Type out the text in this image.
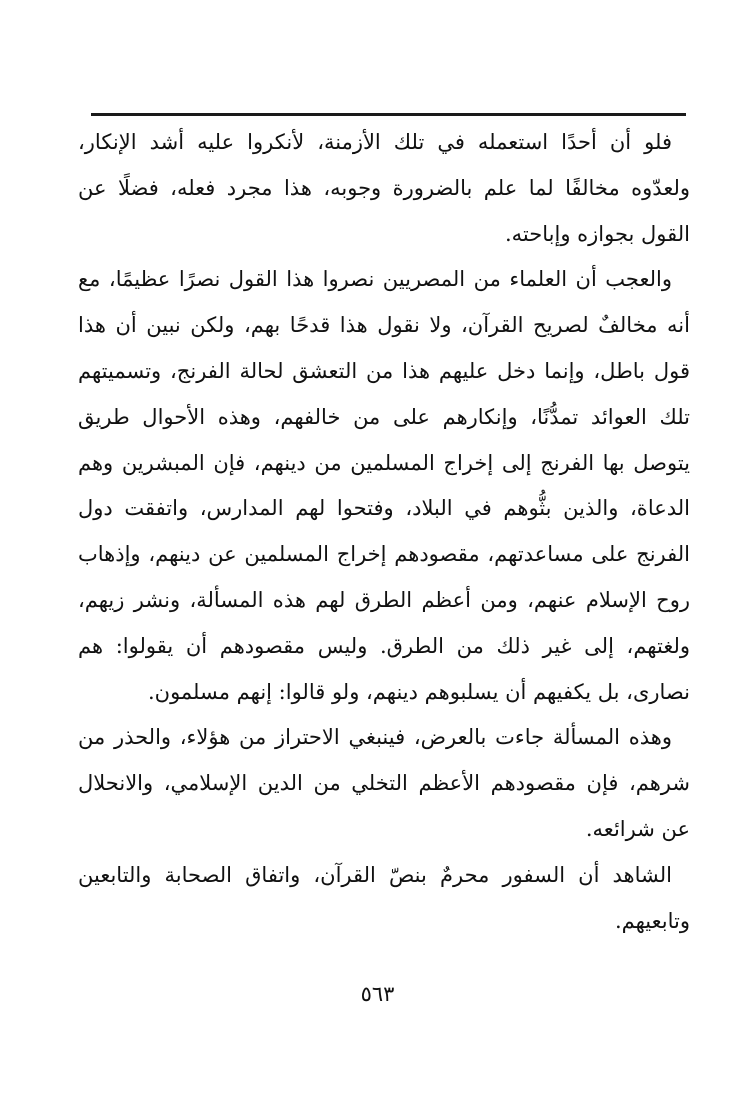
فلو أن أحدًا استعمله في تلك الأزمنة، لأنكروا عليه أشد الإنكار، ولعدّوه مخالفًا لما علم بالضرورة وجوبه، هذا مجرد فعله، فضلًا عن القول بجوازه وإباحته.

والعجب أن العلماء من المصريين نصروا هذا القول نصرًا عظيمًا، مع أنه مخالفٌ لصريح القرآن، ولا نقول هذا قدحًا بهم، ولكن نبين أن هذا قول باطل، وإنما دخل عليهم هذا من التعشق لحالة الفرنج، وتسميتهم تلك العوائد تمدُّنًا، وإنكارهم على من خالفهم، وهذه الأحوال طريق يتوصل بها الفرنج إلى إخراج المسلمين من دينهم، فإن المبشرين وهم الدعاة، والذين بثُّوهم في البلاد، وفتحوا لهم المدارس، واتفقت دول الفرنج على مساعدتهم، مقصودهم إخراج المسلمين عن دينهم، وإذهاب روح الإسلام عنهم، ومن أعظم الطرق لهم هذه المسألة، ونشر زيهم، ولغتهم، إلى غير ذلك من الطرق. وليس مقصودهم أن يقولوا: هم نصارى، بل يكفيهم أن يسلبوهم دينهم، ولو قالوا: إنهم مسلمون.

وهذه المسألة جاءت بالعرض، فينبغي الاحتراز من هؤلاء، والحذر من شرهم، فإن مقصودهم الأعظم التخلي من الدين الإسلامي، والانحلال عن شرائعه.

الشاهد أن السفور محرمٌ بنصّ القرآن، واتفاق الصحابة والتابعين وتابعيهم.

٥٦٣
